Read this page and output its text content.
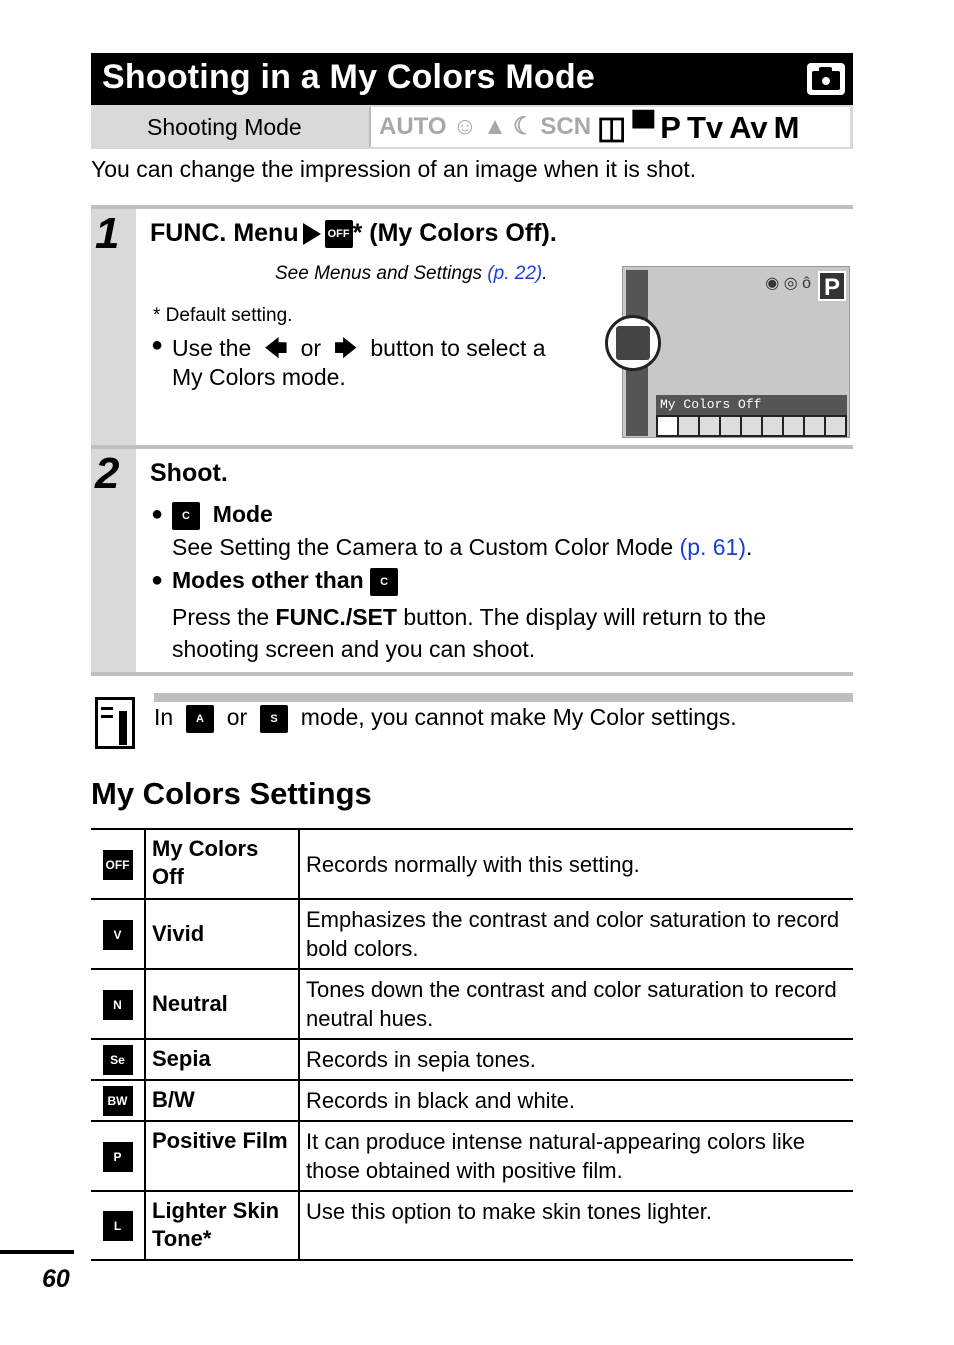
Shooting in a My Colors Mode
Shooting Mode	AUTO ☺ ▲ ☾ SCN ◫ ▀ P Tv Av M
You can change the impression of an image when it is shot.
1 FUNC. Menu	OFF * (My Colors Off).
See Menus and Settings (p. 22).
* Default setting.
● Use the  🡄  or  🡆  button to select a
My Colors mode.
◉ ◎ ô P
My Colors Off
2 Shoot.
● C Mode
See Setting the Camera to a Custom Color Mode (p. 61).
● Modes other than C
Press the FUNC./SET button. The display will return to the
shooting screen and you can shoot.
In A or S mode, you cannot make My Color settings.
My Colors Settings
OFF	My Colors Off	Records normally with this setting.
V	Vivid	Emphasizes the contrast and color saturation to record bold colors.
N	Neutral	Tones down the contrast and color saturation to record neutral hues.
Se	Sepia	Records in sepia tones.
BW	B/W	Records in black and white.
P	Positive Film	It can produce intense natural-appearing colors like those obtained with positive film.
L	Lighter Skin Tone*	Use this option to make skin tones lighter.
60
